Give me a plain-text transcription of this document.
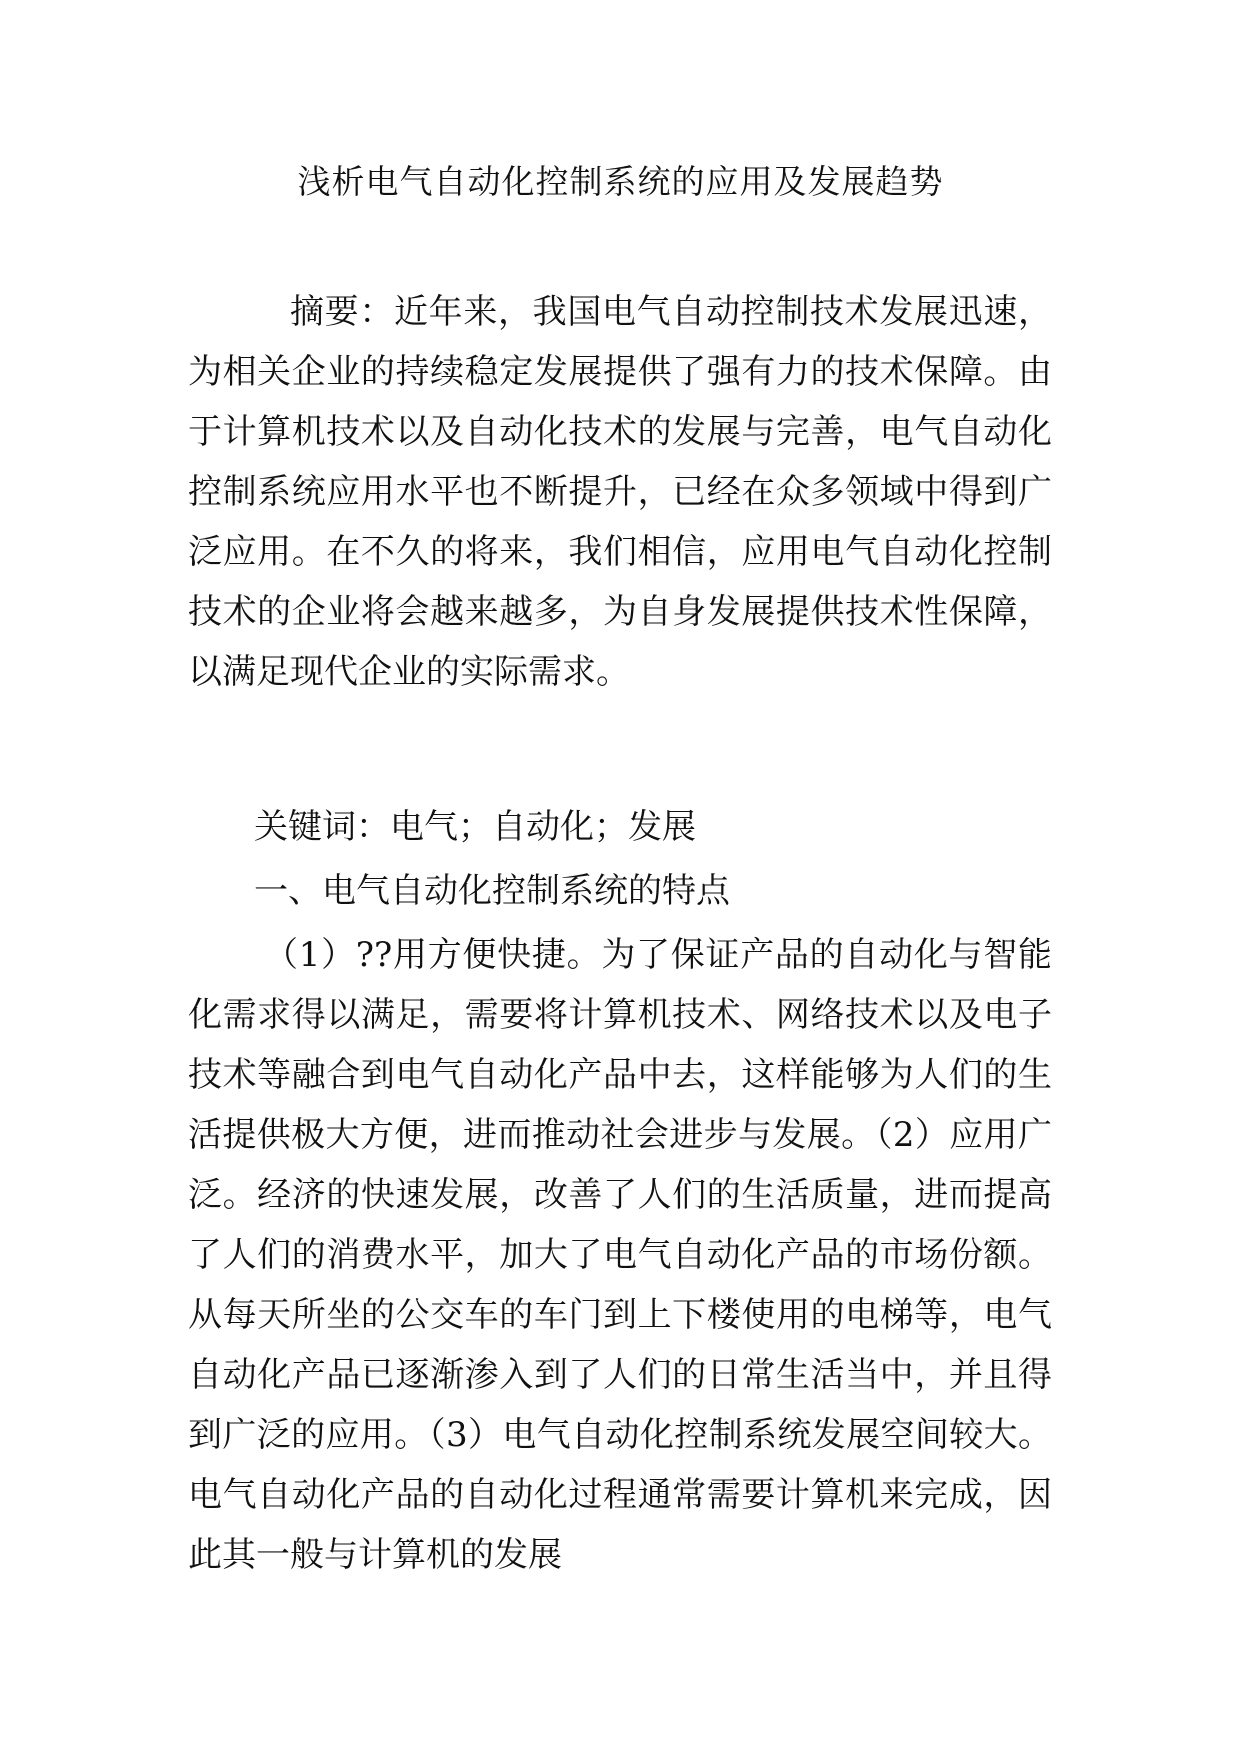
浅析电气自动化控制系统的应用及发展趋势

摘要：近年来，我国电气自动控制技术发展迅速，为相关企业的持续稳定发展提供了强有力的技术保障。由于计算机技术以及自动化技术的发展与完善，电气自动化控制系统应用水平也不断提升，已经在众多领域中得到广泛应用。在不久的将来，我们相信，应用电气自动化控制技术的企业将会越来越多，为自身发展提供技术性保障，以满足现代企业的实际需求。

关键词：电气；自动化；发展

一、电气自动化控制系统的特点

（1）??用方便快捷。为了保证产品的自动化与智能化需求得以满足，需要将计算机技术、网络技术以及电子技术等融合到电气自动化产品中去，这样能够为人们的生活提供极大方便，进而推动社会进步与发展。（2）应用广泛。经济的快速发展，改善了人们的生活质量，进而提高了人们的消费水平，加大了电气自动化产品的市场份额。从每天所坐的公交车的车门到上下楼使用的电梯等，电气自动化产品已逐渐渗入到了人们的日常生活当中，并且得到广泛的应用。（3）电气自动化控制系统发展空间较大。电气自动化产品的自动化过程通常需要计算机来完成，因此其一般与计算机的发展
